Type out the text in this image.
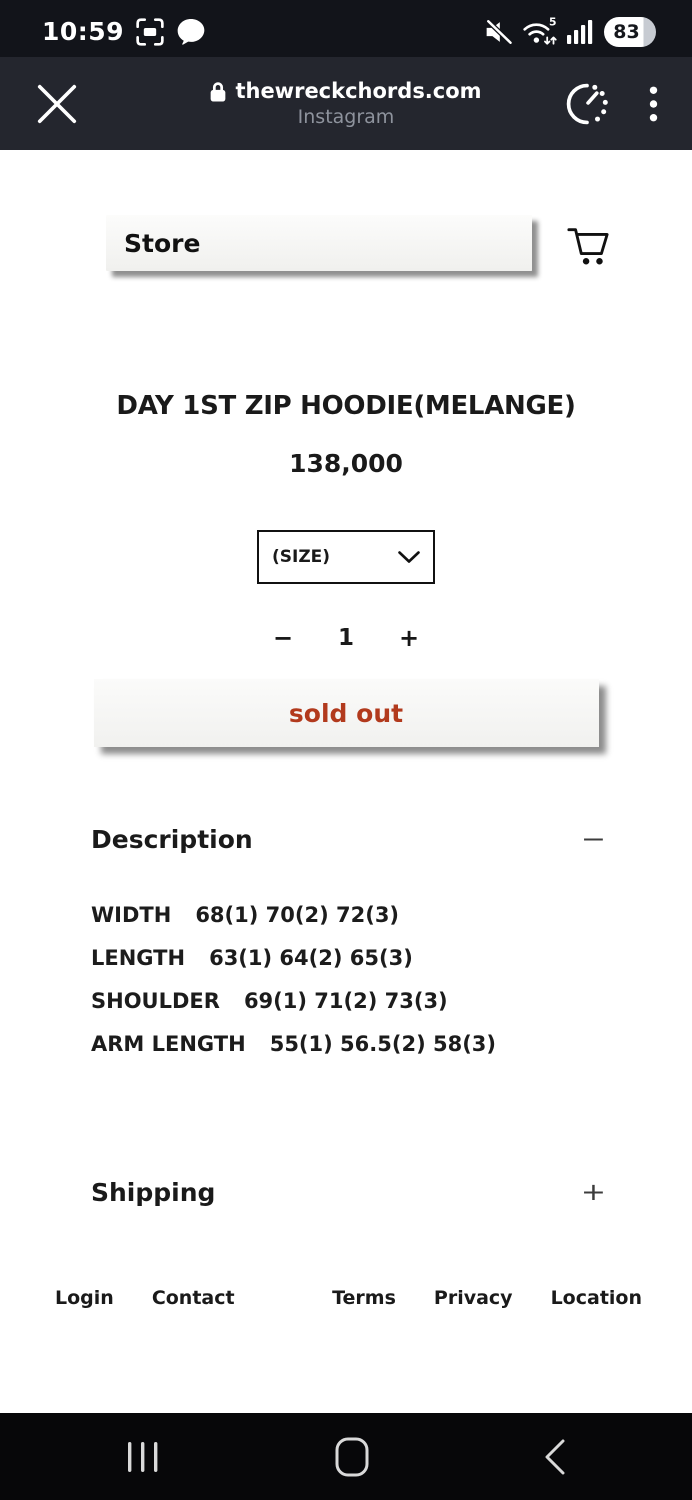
10:59	5	83
thewreckchords.com
Instagram
Store
DAY 1ST ZIP HOODIE(MELANGE)
138,000
(SIZE)
−	1	+
sold out
Description	−
WIDTH 68(1) 70(2) 72(3)
LENGTH 63(1) 64(2) 65(3)
SHOULDER 69(1) 71(2) 73(3)
ARM LENGTH 55(1) 56.5(2) 58(3)
Shipping	+
Login Contact	Terms Privacy Location
